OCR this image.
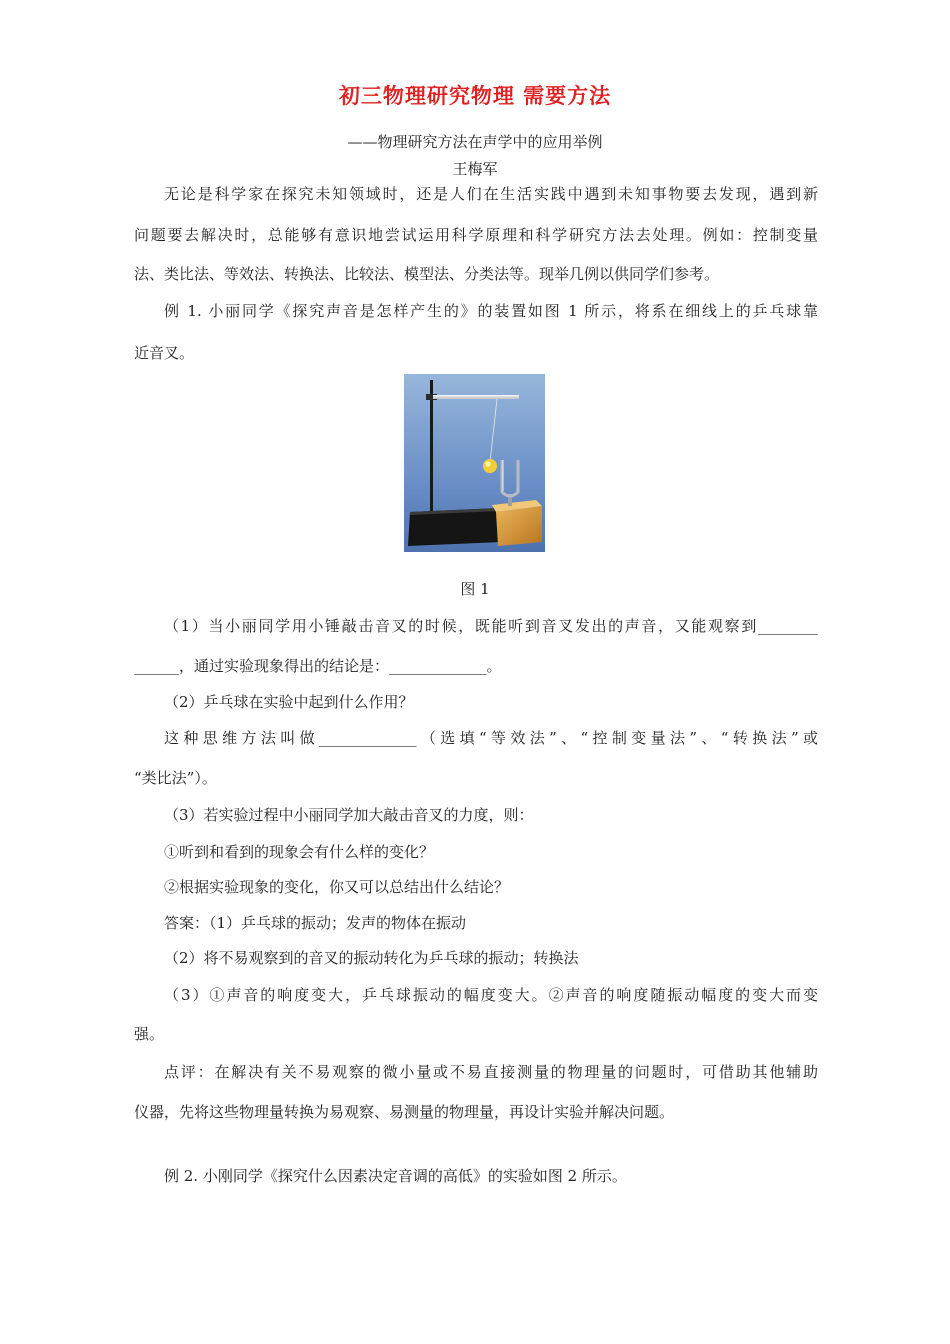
初三物理研究物理 需要方法
——物理研究方法在声学中的应用举例
王梅军
无论是科学家在探究未知领域时，还是人们在生活实践中遇到未知事物要去发现，遇到新
问题要去解决时，总能够有意识地尝试运用科学原理和科学研究方法去处理。例如：控制变量
法、类比法、等效法、转换法、比较法、模型法、分类法等。现举几例以供同学们参考。
例 1. 小丽同学《探究声音是怎样产生的》的装置如图 1 所示，将系在细线上的乒乓球靠
近音叉。
图 1
（1）当小丽同学用小锤敲击音叉的时候，既能听到音叉发出的声音，又能观察到________
______，通过实验现象得出的结论是：_____________。
（2）乒乓球在实验中起到什么作用？
这种思维方法叫做_____________（选填“等效法”、“控制变量法”、“转换法”或
“类比法”）。
（3）若实验过程中小丽同学加大敲击音叉的力度，则：
①听到和看到的现象会有什么样的变化？
②根据实验现象的变化，你又可以总结出什么结论？
答案：（1）乒乓球的振动；发声的物体在振动
（2）将不易观察到的音叉的振动转化为乒乓球的振动；转换法
（3）①声音的响度变大，乒乓球振动的幅度变大。②声音的响度随振动幅度的变大而变
强。
点评：在解决有关不易观察的微小量或不易直接测量的物理量的问题时，可借助其他辅助
仪器，先将这些物理量转换为易观察、易测量的物理量，再设计实验并解决问题。
例 2. 小刚同学《探究什么因素决定音调的高低》的实验如图 2 所示。
